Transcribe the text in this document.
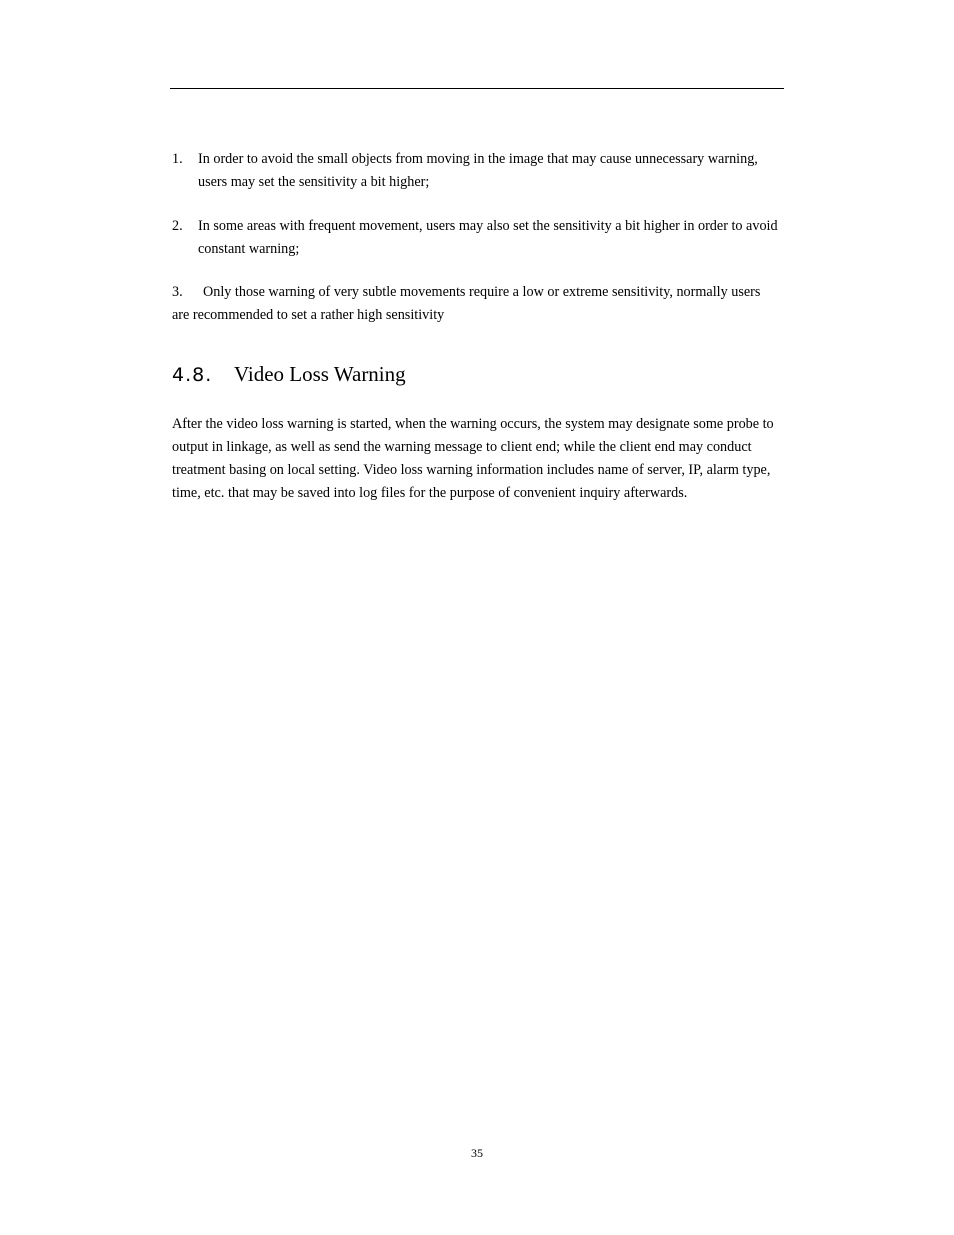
1. In order to avoid the small objects from moving in the image that may cause unnecessary warning, users may set the sensitivity a bit higher;

2. In some areas with frequent movement, users may also set the sensitivity a bit higher in order to avoid constant warning;

3. Only those warning of very subtle movements require a low or extreme sensitivity, normally users are recommended to set a rather high sensitivity

4.8.	Video Loss Warning

After the video loss warning is started, when the warning occurs, the system may designate some probe to output in linkage, as well as send the warning message to client end; while the client end may conduct treatment basing on local setting. Video loss warning information includes name of server, IP, alarm type, time, etc. that may be saved into log files for the purpose of convenient inquiry afterwards.

35
